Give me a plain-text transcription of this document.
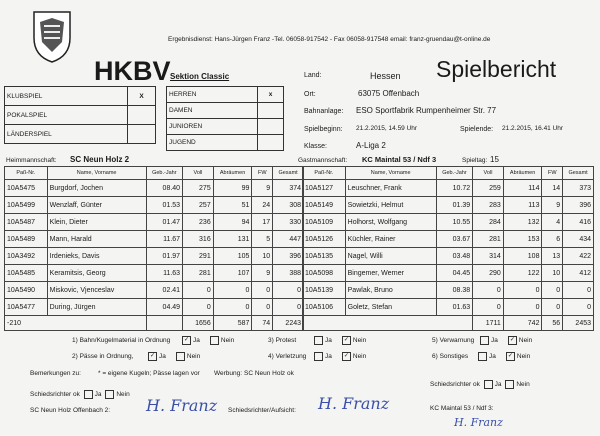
HKBV
Ergebnisdienst: Hans-Jürgen Franz -Tel. 06058-917542 - Fax 06058-917548 email: franz-gruendau@t-online.de
Sektion Classic	Spielbericht
KLUBSPIEL	X
POKALSPIEL	
LÄNDERSPIEL	
HERREN	x
DAMEN	
JUNIOREN	
JUGEND	
Land:	Hessen
Ort:	63075 Offenbach
Bahnanlage: ESO Sportfabrik Rumpenheimer Str. 77
Spielbeginn: 21.2.2015, 14.59 Uhr	Spielende: 21.2.2015, 16.41 Uhr
Klasse:	A-Liga 2
Heimmannschaft: SC Neun Holz 2	Gastmannschaft: KC Maintal 53 / Ndf 3	Spieltag: 15
Paß-Nr.	Name, Vorname	Geb.-Jahr	Voll	Abräumen	FW	Gesamt
10A5475	Burgdorf, Jochen	08.40	275	99	9	374
10A5499	Wenzlaff, Günter	01.53	257	51	24	308
10A5487	Klein, Dieter	01.47	236	94	17	330
10A5489	Mann, Harald	11.67	316	131	5	447
10A3492	Irdenieks, Davis	01.97	291	105	10	396
10A5485	Keramitsis, Georg	11.63	281	107	9	388
10A5490	Miskovic, Vjenceslav	02.41	0	0	0	0
10A5477	During, Jürgen	04.49	0	0	0	0
-210			1656	587	74	2243
Paß-Nr.	Name, Vorname	Geb.-Jahr	Voll	Abräumen	FW	Gesamt
10A5127	Leuschner, Frank	10.72	259	114	14	373
10A5149	Sowietzki, Helmut	01.39	283	113	9	396
10A5109	Holhorst, Wolfgang	10.55	284	132	4	416
10A5126	Küchler, Rainer	03.67	281	153	6	434
10A5135	Nagel, Willi	03.48	314	108	13	422
10A5098	Bingemer, Werner	04.45	290	122	10	412
10A5139	Pawlak, Bruno	08.38	0	0	0	0
10A5106	Goletz, Stefan	01.63	0	0	0	0
			1711	742	56	2453
1) Bahn/Kugelmaterial in Ordnung ✓ Ja	Nein	3) Protest	Ja ✓ Nein	5) Verwarnung	Ja ✓ Nein
2) Pässe in Ordnung,	✓ Ja	Nein	4) Verletzung	Ja ✓ Nein	6) Sonstiges	Ja ✓ Nein
Bemerkungen zu:	* = eigene Kugeln; Pässe lagen vor Werbung: SC Neun Holz ok
Schiedsrichter ok Ja Nein
Schiedsrichter ok Ja Nein
SC Neun Holz Offenbach 2: H. Franz Schiedsrichter/Aufsicht: H. Franz	KC Maintal 53 / Ndf 3:
H. Franz
